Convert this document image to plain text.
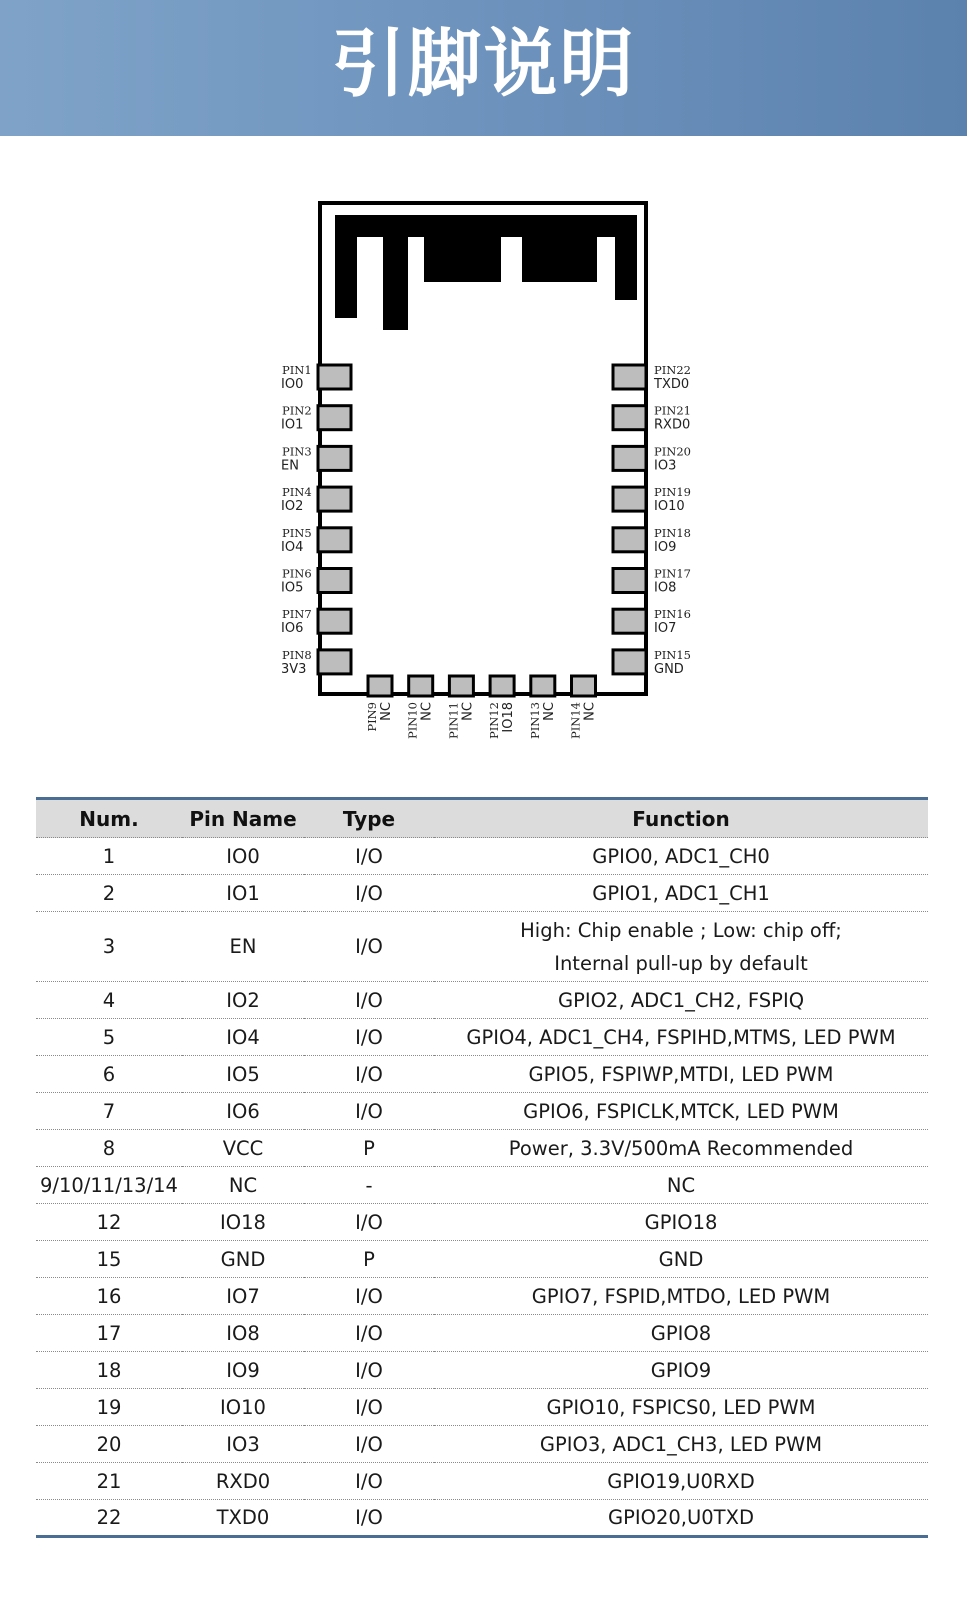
引脚说明
PIN1
IO0
PIN2
IO1
PIN3
EN
PIN4
IO2
PIN5
IO4
PIN6
IO5
PIN7
IO6
PIN8
3V3
PIN22
TXD0
PIN21
RXD0
PIN20
IO3
PIN19
IO10
PIN18
IO9
PIN17
IO8
PIN16
IO7
PIN15
GND
PIN9 NC PIN10 NC PIN11 NC PIN12 IO18 PIN13 NC PIN14 NC
Num.	Pin Name	Type	Function
1	IO0	I/O	GPIO0, ADC1_CH0
2	IO1	I/O	GPIO1, ADC1_CH1
3	EN	I/O	High: Chip enable ; Low: chip off;
Internal pull-up by default

4	IO2	I/O	GPIO2, ADC1_CH2, FSPIQ
5	IO4	I/O	GPIO4, ADC1_CH4, FSPIHD,MTMS, LED PWM
6	IO5	I/O	GPIO5, FSPIWP,MTDI, LED PWM
7	IO6	I/O	GPIO6, FSPICLK,MTCK, LED PWM
8	VCC	P	Power, 3.3V/500mA Recommended
9/10/11/13/14	NC	-	NC
12	IO18	I/O	GPIO18
15	GND	P	GND
16	IO7	I/O	GPIO7, FSPID,MTDO, LED PWM
17	IO8	I/O	GPIO8
18	IO9	I/O	GPIO9
19	IO10	I/O	GPIO10, FSPICS0, LED PWM
20	IO3	I/O	GPIO3, ADC1_CH3, LED PWM
21	RXD0	I/O	GPIO19,U0RXD
22	TXD0	I/O	GPIO20,U0TXD
